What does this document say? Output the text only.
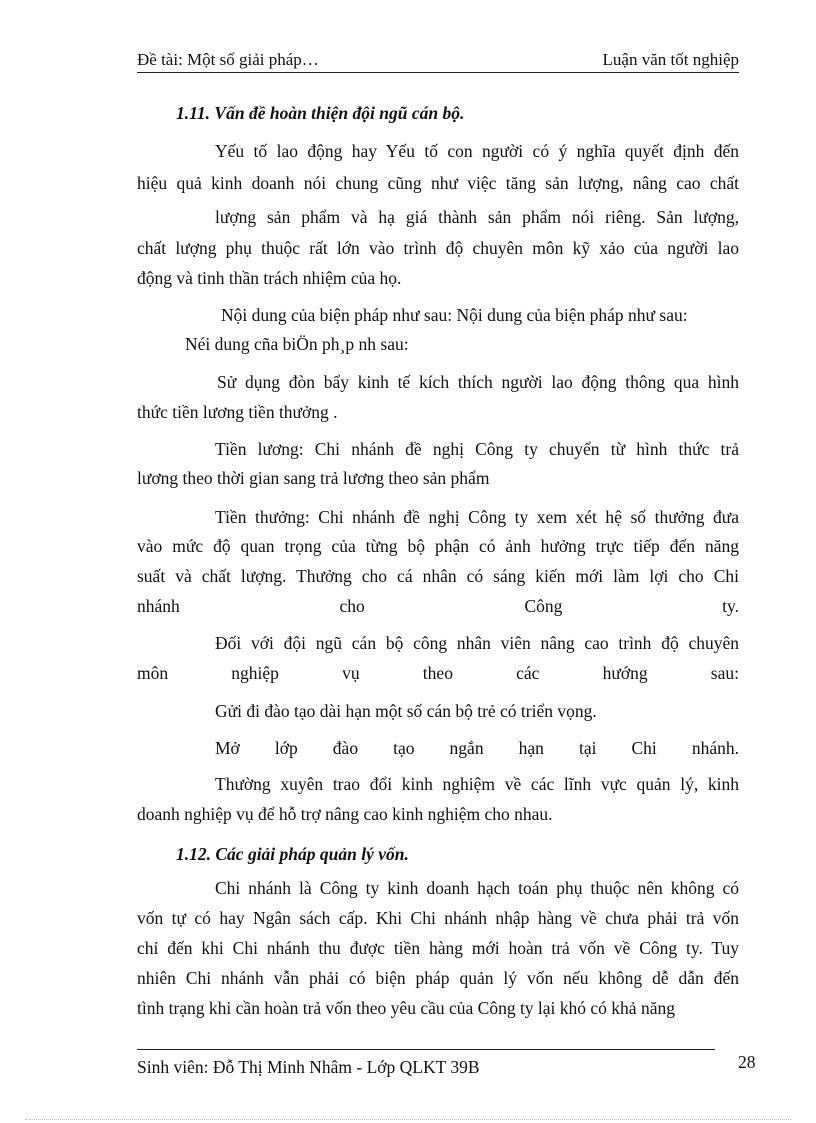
Đề tài: Một số giải pháp…	Luận văn tốt nghiệp
1.11. Vấn đề hoàn thiện đội ngũ cán bộ.
Yếu tố lao động hay Yếu tố con người có ý nghĩa quyết định đến
hiệu quả kinh doanh nói chung cũng như việc tăng sản lượng, nâng cao chất
lượng sản phẩm và hạ giá thành sản phẩm nói riêng. Sản lượng,
chất lượng phụ thuộc rất lớn vào trình độ chuyên môn kỹ xảo của người lao
động và tinh thần trách nhiệm của họ.
Nội dung của biện pháp như sau: Nội dung của biện pháp như sau:
Néi dung cña biÖn ph¸p nh sau:
Sử dụng đòn bẩy kinh tế kích thích người lao động thông qua hình
thức tiền lương tiền thưởng .
Tiền lương: Chi nhánh đề nghị Công ty chuyển từ hình thức trả
lương theo thời gian sang trả lương theo sản phẩm
Tiền thưởng: Chi nhánh đề nghị Công ty xem xét hệ số thưởng đưa
vào mức độ quan trọng của từng bộ phận có ảnh hưởng trực tiếp đến năng
suất và chất lượng. Thưởng cho cá nhân có sáng kiến mới làm lợi cho Chi
nhánh cho Công ty.
Đối với đội ngũ cán bộ công nhân viên nâng cao trình độ chuyên
môn nghiệp vụ theo các hướng sau:
Gửi đi đào tạo dài hạn một số cán bộ trẻ có triển vọng.
Mở lớp đào tạo ngắn hạn tại Chi nhánh.
Thường xuyên trao đổi kinh nghiệm về các lĩnh vực quản lý, kinh
doanh nghiệp vụ để hỗ trợ nâng cao kinh nghiệm cho nhau.
1.12. Các giải pháp quản lý vốn.
Chi nhánh là Công ty kinh doanh hạch toán phụ thuộc nên không có
vốn tự có hay Ngân sách cấp. Khi Chi nhánh nhập hàng về chưa phải trả vốn
chỉ đến khi Chi nhánh thu được tiền hàng mới hoàn trả vốn về Công ty. Tuy
nhiên Chi nhánh vẫn phải có biện pháp quản lý vốn nếu không dễ dẫn đến
tình trạng khi cần hoàn trả vốn theo yêu cầu của Công ty lại khó có khả năng
Sinh viên: Đỗ Thị Minh Nhâm - Lớp QLKT 39B	28
